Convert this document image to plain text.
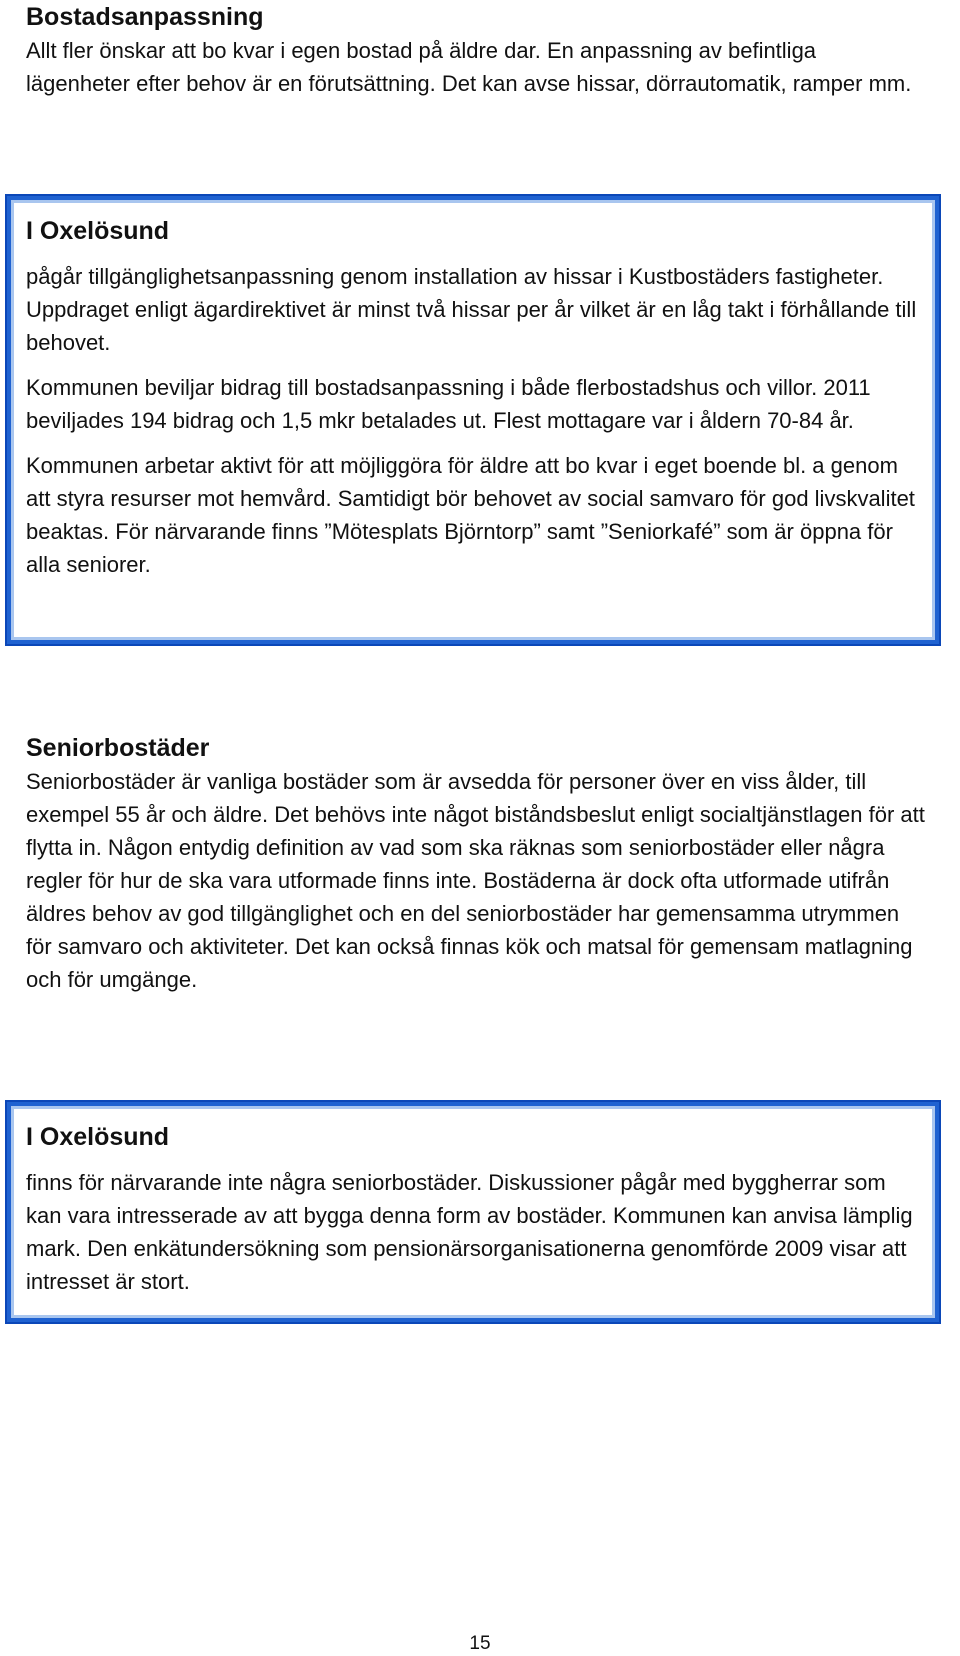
Bostadsanpassning

Allt fler önskar att bo kvar i egen bostad på äldre dar. En anpassning av befintliga lägenheter efter behov är en förutsättning. Det kan avse hissar, dörrautomatik, ramper mm.

I Oxelösund

pågår tillgänglighetsanpassning genom installation av hissar i Kustbostäders fastigheter. Uppdraget enligt ägardirektivet är minst två hissar per år vilket är en låg takt i förhållande till behovet.

Kommunen beviljar bidrag till bostadsanpassning i både flerbostadshus och villor. 2011 beviljades 194 bidrag och 1,5 mkr betalades ut. Flest mottagare var i åldern 70-84 år.

Kommunen arbetar aktivt för att möjliggöra för äldre att bo kvar i eget boende bl. a genom att styra resurser mot hemvård. Samtidigt bör behovet av social samvaro för god livskvalitet beaktas. För närvarande finns ”Mötesplats Björntorp” samt ”Seniorkafé” som är öppna för alla seniorer.

Seniorbostäder

Seniorbostäder är vanliga bostäder som är avsedda för personer över en viss ålder, till exempel 55 år och äldre. Det behövs inte något biståndsbeslut enligt socialtjänstlagen för att flytta in. Någon entydig definition av vad som ska räknas som seniorbostäder eller några regler för hur de ska vara utformade finns inte. Bostäderna är dock ofta utformade utifrån äldres behov av god tillgänglighet och en del seniorbostäder har gemensamma utrymmen för samvaro och aktiviteter. Det kan också finnas kök och matsal för gemensam matlagning och för umgänge.

I Oxelösund

finns för närvarande inte några seniorbostäder. Diskussioner pågår med byggherrar som kan vara intresserade av att bygga denna form av bostäder. Kommunen kan anvisa lämplig mark. Den enkätundersökning som pensionärsorganisationerna genomförde 2009 visar att intresset är stort.

15
